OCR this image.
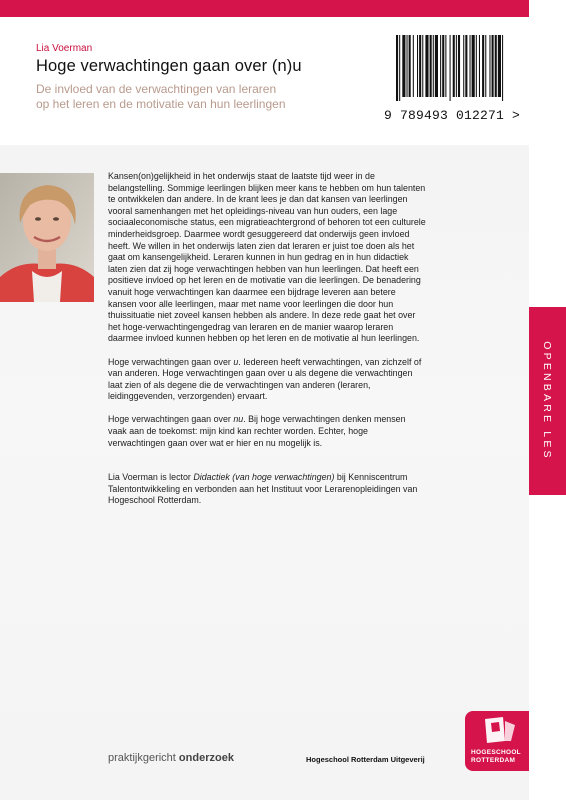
Lia Voerman
Hoge verwachtingen gaan over (n)u
De invloed van de verwachtingen van leraren
op het leren en de motivatie van hun leerlingen
9 789493 012271 >

Kansen(on)gelijkheid in het onderwijs staat de laatste tijd weer in de belangstelling. Sommige leerlingen blijken meer kans te hebben om hun talenten te ontwikkelen dan andere. In de krant lees je dan dat kansen van leerlingen vooral samenhangen met het opleidings-niveau van hun ouders, een lage sociaaleconomische status, een migratieachtergrond of behoren tot een culturele minderheidsgroep. Daarmee wordt gesuggereerd dat onderwijs geen invloed heeft. We willen in het onderwijs laten zien dat leraren er juist toe doen als het gaat om kansengelijkheid. Leraren kunnen in hun gedrag en in hun didactiek laten zien dat zij hoge verwachtingen hebben van hun leerlingen. Dat heeft een positieve invloed op het leren en de motivatie van die leerlingen. De benadering vanuit hoge verwachtingen kan daarmee een bijdrage leveren aan betere kansen voor alle leerlingen, maar met name voor leerlingen die door hun thuissituatie niet zoveel kansen hebben als andere. In deze rede gaat het over het hoge-verwachtingengedrag van leraren en de manier waarop leraren daarmee invloed kunnen hebben op het leren en de motivatie al hun leerlingen.

Hoge verwachtingen gaan over u. Iedereen heeft verwachtingen, van zichzelf of van anderen. Hoge verwachtingen gaan over u als degene die verwachtingen laat zien of als degene die de verwachtingen van anderen (leraren, leidinggevenden, verzorgenden) ervaart.

Hoge verwachtingen gaan over nu. Bij hoge verwachtingen denken mensen vaak aan de toekomst: mijn kind kan rechter worden. Echter, hoge verwachtingen gaan over wat er hier en nu mogelijk is.

Lia Voerman is lector Didactiek (van hoge verwachtingen) bij Kenniscentrum Talentontwikkeling en verbonden aan het Instituut voor Lerarenopleidingen van Hogeschool Rotterdam.

OPENBARE LES
praktijkgericht onderzoek	Hogeschool Rotterdam Uitgeverij
HOGESCHOOL
ROTTERDAM
